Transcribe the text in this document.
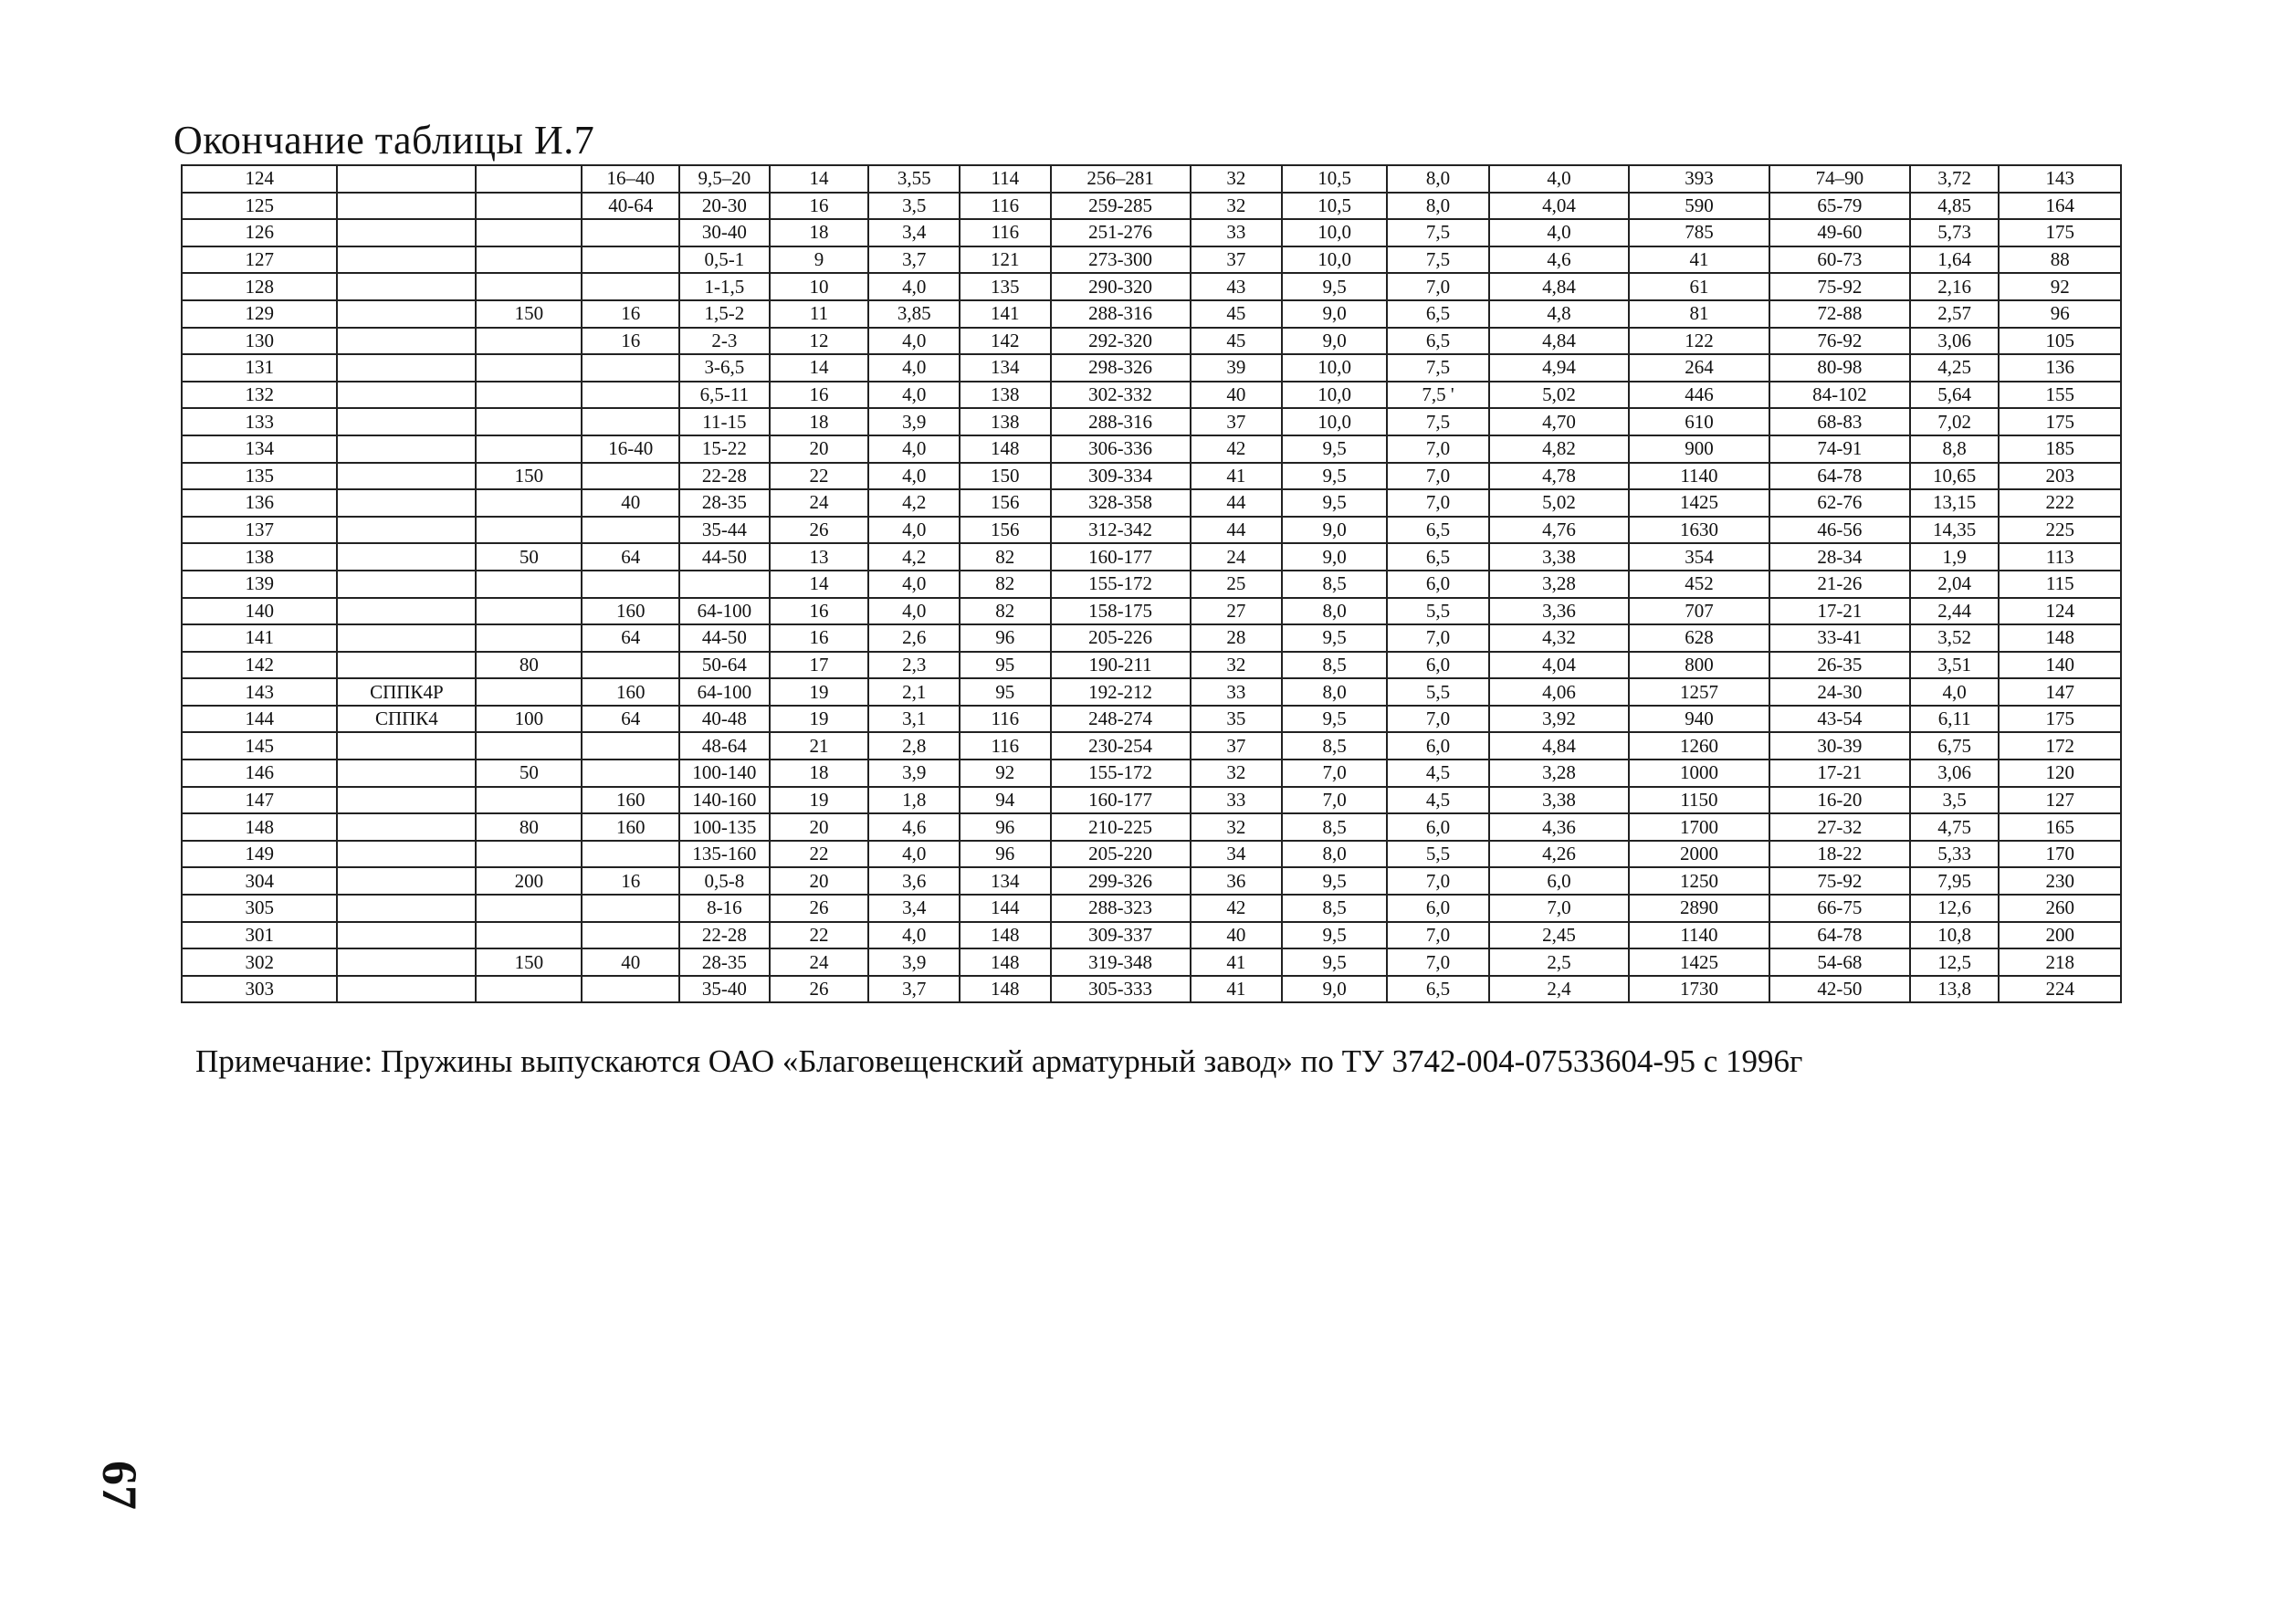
Окончание таблицы И.7
124			16–40	9,5–20	14	3,55	114	256–281	32	10,5	8,0	4,0	393	74–90	3,72	143
125			40-64	20-30	16	3,5	116	259-285	32	10,5	8,0	4,04	590	65-79	4,85	164
126				30-40	18	3,4	116	251-276	33	10,0	7,5	4,0	785	49-60	5,73	175
127				0,5-1	9	3,7	121	273-300	37	10,0	7,5	4,6	41	60-73	1,64	88
128				1-1,5	10	4,0	135	290-320	43	9,5	7,0	4,84	61	75-92	2,16	92
129		150	16	1,5-2	11	3,85	141	288-316	45	9,0	6,5	4,8	81	72-88	2,57	96
130			16	2-3	12	4,0	142	292-320	45	9,0	6,5	4,84	122	76-92	3,06	105
131				3-6,5	14	4,0	134	298-326	39	10,0	7,5	4,94	264	80-98	4,25	136
132				6,5-11	16	4,0	138	302-332	40	10,0	7,5 '	5,02	446	84-102	5,64	155
133				11-15	18	3,9	138	288-316	37	10,0	7,5	4,70	610	68-83	7,02	175
134			16-40	15-22	20	4,0	148	306-336	42	9,5	7,0	4,82	900	74-91	8,8	185
135		150		22-28	22	4,0	150	309-334	41	9,5	7,0	4,78	1140	64-78	10,65	203
136			40	28-35	24	4,2	156	328-358	44	9,5	7,0	5,02	1425	62-76	13,15	222
137				35-44	26	4,0	156	312-342	44	9,0	6,5	4,76	1630	46-56	14,35	225
138		50	64	44-50	13	4,2	82	160-177	24	9,0	6,5	3,38	354	28-34	1,9	113
139					14	4,0	82	155-172	25	8,5	6,0	3,28	452	21-26	2,04	115
140			160	64-100	16	4,0	82	158-175	27	8,0	5,5	3,36	707	17-21	2,44	124
141			64	44-50	16	2,6	96	205-226	28	9,5	7,0	4,32	628	33-41	3,52	148
142		80		50-64	17	2,3	95	190-211	32	8,5	6,0	4,04	800	26-35	3,51	140
143	СППК4Р		160	64-100	19	2,1	95	192-212	33	8,0	5,5	4,06	1257	24-30	4,0	147
144	СППК4	100	64	40-48	19	3,1	116	248-274	35	9,5	7,0	3,92	940	43-54	6,11	175
145				48-64	21	2,8	116	230-254	37	8,5	6,0	4,84	1260	30-39	6,75	172
146		50		100-140	18	3,9	92	155-172	32	7,0	4,5	3,28	1000	17-21	3,06	120
147			160	140-160	19	1,8	94	160-177	33	7,0	4,5	3,38	1150	16-20	3,5	127
148		80	160	100-135	20	4,6	96	210-225	32	8,5	6,0	4,36	1700	27-32	4,75	165
149				135-160	22	4,0	96	205-220	34	8,0	5,5	4,26	2000	18-22	5,33	170
304		200	16	0,5-8	20	3,6	134	299-326	36	9,5	7,0	6,0	1250	75-92	7,95	230
305				8-16	26	3,4	144	288-323	42	8,5	6,0	7,0	2890	66-75	12,6	260
301				22-28	22	4,0	148	309-337	40	9,5	7,0	2,45	1140	64-78	10,8	200
302		150	40	28-35	24	3,9	148	319-348	41	9,5	7,0	2,5	1425	54-68	12,5	218
303				35-40	26	3,7	148	305-333	41	9,0	6,5	2,4	1730	42-50	13,8	224
Примечание: Пружины выпускаются ОАО «Благовещенский арматурный завод» по ТУ 3742-004-07533604-95 с 1996г
67
